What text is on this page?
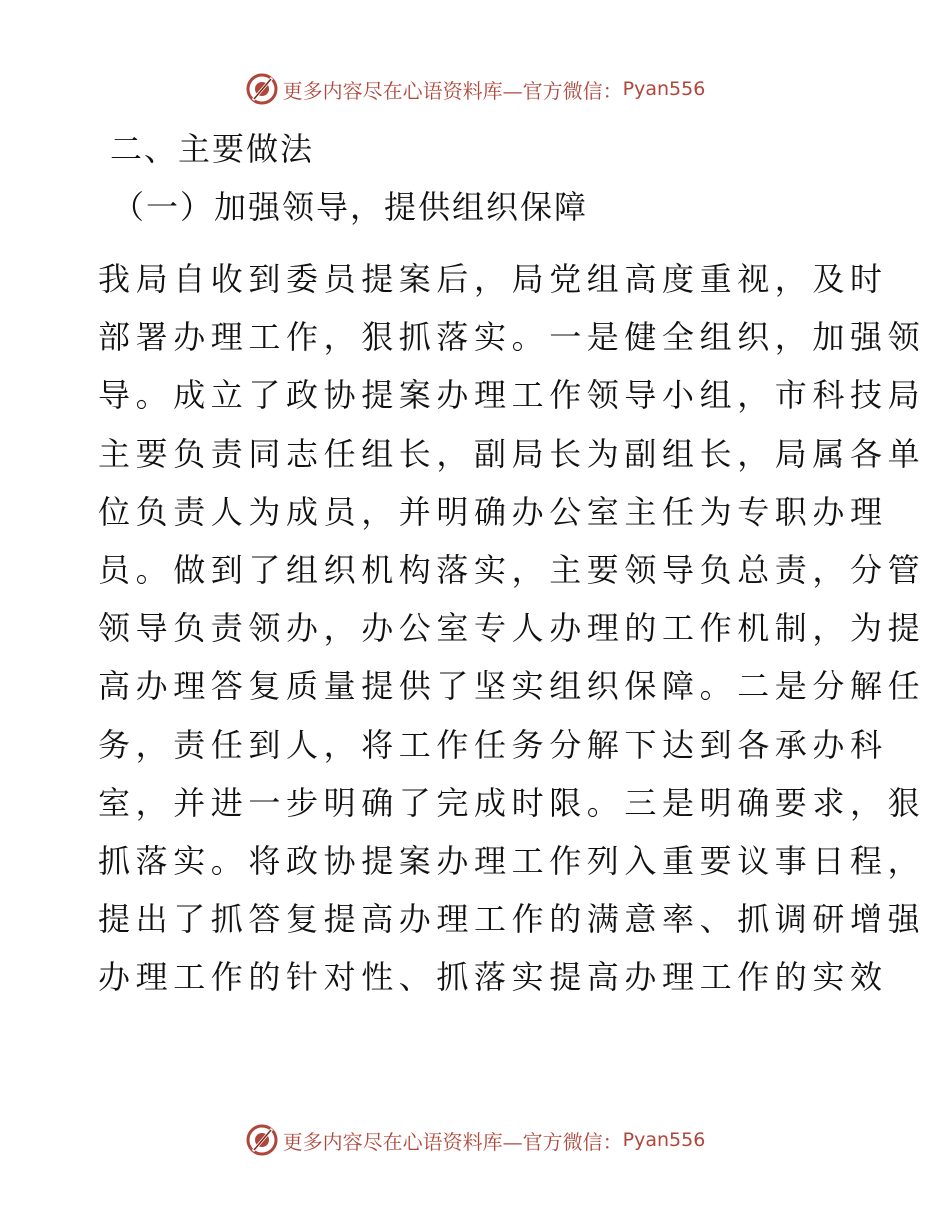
更多内容尽在心语资料库—官方微信： Pyan556

二、主要做法

（一）加强领导，提供组织保障

我局自收到委员提案后，局党组高度重视，及时
部署办理工作，狠抓落实。一是健全组织，加强领
导。成立了政协提案办理工作领导小组，市科技局
主要负责同志任组长，副局长为副组长，局属各单
位负责人为成员，并明确办公室主任为专职办理
员。做到了组织机构落实，主要领导负总责，分管
领导负责领办，办公室专人办理的工作机制，为提
高办理答复质量提供了坚实组织保障。二是分解任
务，责任到人，将工作任务分解下达到各承办科
室，并进一步明确了完成时限。三是明确要求，狠
抓落实。将政协提案办理工作列入重要议事日程，
提出了抓答复提高办理工作的满意率、抓调研增强
办理工作的针对性、抓落实提高办理工作的实效

更多内容尽在心语资料库—官方微信： Pyan556
